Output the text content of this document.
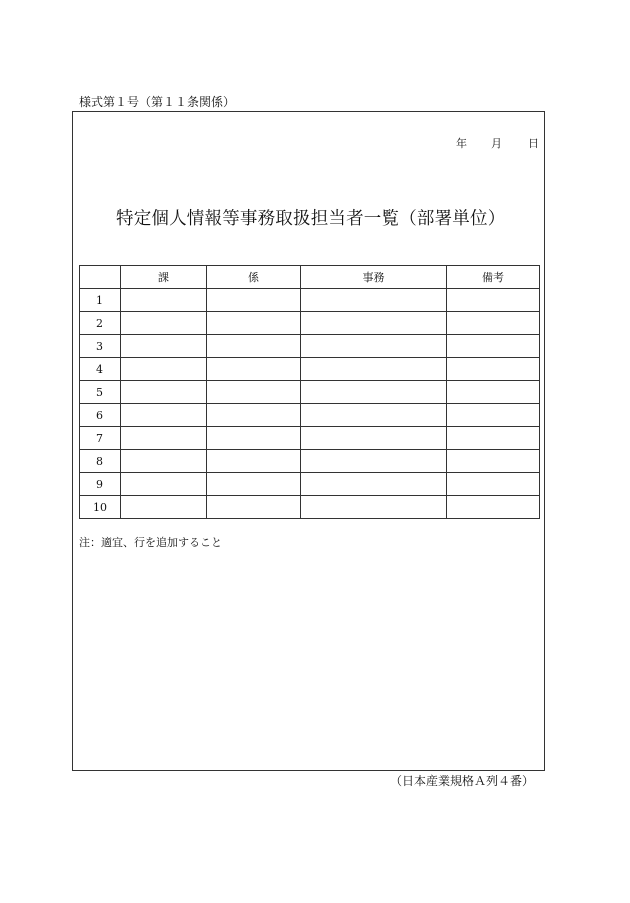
様式第１号（第１１条関係）
年 月 日
特定個人情報等事務取扱担当者一覧（部署単位）
	課	係	事務	備考
1				
2				
3				
4				
5				
6				
7				
8				
9				
10				
注：適宜、行を追加すること
（日本産業規格Ａ列４番）
